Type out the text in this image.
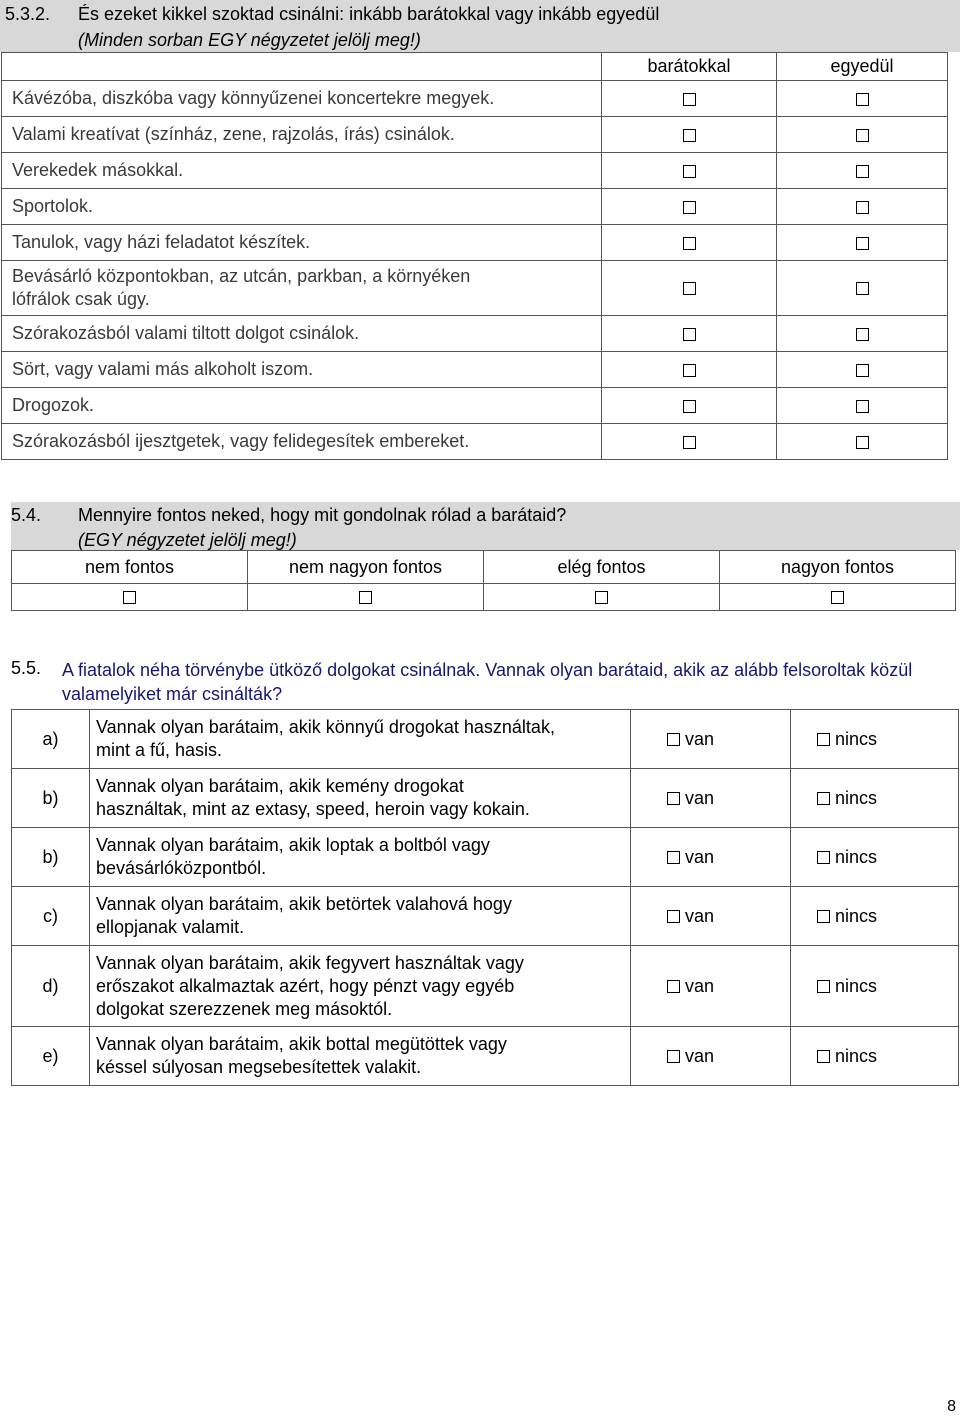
5.3.2. És ezeket kikkel szoktad csinálni: inkább barátokkal vagy inkább egyedül
(Minden sorban EGY négyzetet jelölj meg!)
	barátokkal	egyedül
Kávézóba, diszkóba vagy könnyűzenei koncertekre megyek.		
Valami kreatívat (színház, zene, rajzolás, írás) csinálok.		
Verekedek másokkal.		
Sportolok.		
Tanulok, vagy házi feladatot készítek.		
Bevásárló központokban, az utcán, parkban, a környéken
lófrálok csak úgy.		
Szórakozásból valami tiltott dolgot csinálok.		
Sört, vagy valami más alkoholt iszom.		
Drogozok.		
Szórakozásból ijesztgetek, vagy felidegesítek embereket.		
5.4. Mennyire fontos neked, hogy mit gondolnak rólad a barátaid?
(EGY négyzetet jelölj meg!)
nem fontos	nem nagyon fontos	elég fontos	nagyon fontos

5.5. A fiatalok néha törvénybe ütköző dolgokat csinálnak. Vannak olyan barátaid, akik az alább felsoroltak közül valamelyiket már csinálták?
a)	Vannak olyan barátaim, akik könnyű drogokat használtak,
mint a fű, hasis.	van	nincs
b)	Vannak olyan barátaim, akik kemény drogokat
használtak, mint az extasy, speed, heroin vagy kokain.	van	nincs
b)	Vannak olyan barátaim, akik loptak a boltból vagy
bevásárlóközpontból.	van	nincs
c)	Vannak olyan barátaim, akik betörtek valahová hogy
ellopjanak valamit.	van	nincs
d)	Vannak olyan barátaim, akik fegyvert használtak vagy
erőszakot alkalmaztak azért, hogy pénzt vagy egyéb
dolgokat szerezzenek meg másoktól.	van	nincs
e)	Vannak olyan barátaim, akik bottal megütöttek vagy
késsel súlyosan megsebesítettek valakit.	van	nincs
8
